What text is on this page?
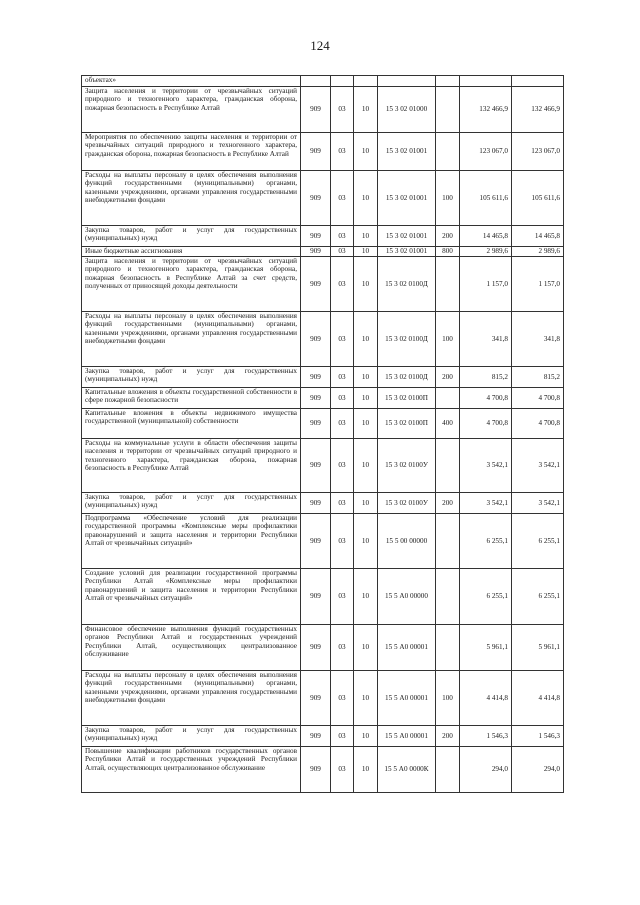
124
объектах»							
Защита населения и территории от чрезвычайных ситуаций природного и техногенного характера, гражданская оборона, пожарная безопасность в Республике Алтай	909	03	10	15 3 02 01000		132 466,9	132 466,9
Мероприятия по обеспечению защиты населения и территории от чрезвычайных ситуаций природного и техногенного характера, гражданская оборона, пожарная безопасность в Республике Алтай	909	03	10	15 3 02 01001		123 067,0	123 067,0
Расходы на выплаты персоналу в целях обеспечения выполнения функций государственными (муниципальными) органами, казенными учреждениями, органами управления государственными внебюджетными фондами	909	03	10	15 3 02 01001	100	105 611,6	105 611,6
Закупка товаров, работ и услуг для государственных (муниципальных) нужд	909	03	10	15 3 02 01001	200	14 465,8	14 465,8
Иные бюджетные ассигнования	909	03	10	15 3 02 01001	800	2 989,6	2 989,6
Защита населения и территории от чрезвычайных ситуаций природного и техногенного характера, гражданская оборона, пожарная безопасность в Республике Алтай за счет средств, полученных от приносящей доходы деятельности	909	03	10	15 3 02 0100Д		1 157,0	1 157,0
Расходы на выплаты персоналу в целях обеспечения выполнения функций государственными (муниципальными) органами, казенными учреждениями, органами управления государственными внебюджетными фондами	909	03	10	15 3 02 0100Д	100	341,8	341,8
Закупка товаров, работ и услуг для государственных (муниципальных) нужд	909	03	10	15 3 02 0100Д	200	815,2	815,2
Капитальные вложения в объекты государственной собственности в сфере пожарной безопасности	909	03	10	15 3 02 0100П		4 700,8	4 700,8
Капитальные вложения в объекты недвижимого имущества государственной (муниципальной) собственности	909	03	10	15 3 02 0100П	400	4 700,8	4 700,8
Расходы на коммунальные услуги в области обеспечения защиты населения и территории от чрезвычайных ситуаций природного и техногенного характера, гражданская оборона, пожарная безопасность в Республике Алтай	909	03	10	15 3 02 0100У		3 542,1	3 542,1
Закупка товаров, работ и услуг для государственных (муниципальных) нужд	909	03	10	15 3 02 0100У	200	3 542,1	3 542,1
Подпрограмма «Обеспечение условий для реализации государственной программы «Комплексные меры профилактики правонарушений и защита населения и территории Республики Алтай от чрезвычайных ситуаций»	909	03	10	15 5 00 00000		6 255,1	6 255,1
Создание условий для реализации государственной программы Республики Алтай «Комплексные меры профилактики правонарушений и защита населения и территории Республики Алтай от чрезвычайных ситуаций»	909	03	10	15 5 А0 00000		6 255,1	6 255,1
Финансовое обеспечение выполнения функций государственных органов Республики Алтай и государственных учреждений Республики Алтай, осуществляющих централизованное обслуживание	909	03	10	15 5 А0 00001		5 961,1	5 961,1
Расходы на выплаты персоналу в целях обеспечения выполнения функций государственными (муниципальными) органами, казенными учреждениями, органами управления государственными внебюджетными фондами	909	03	10	15 5 А0 00001	100	4 414,8	4 414,8
Закупка товаров, работ и услуг для государственных (муниципальных) нужд	909	03	10	15 5 А0 00001	200	1 546,3	1 546,3
Повышение квалификации работников государственных органов Республики Алтай и государственных учреждений Республики Алтай, осуществляющих централизованное обслуживание	909	03	10	15 5 А0 0000К		294,0	294,0
